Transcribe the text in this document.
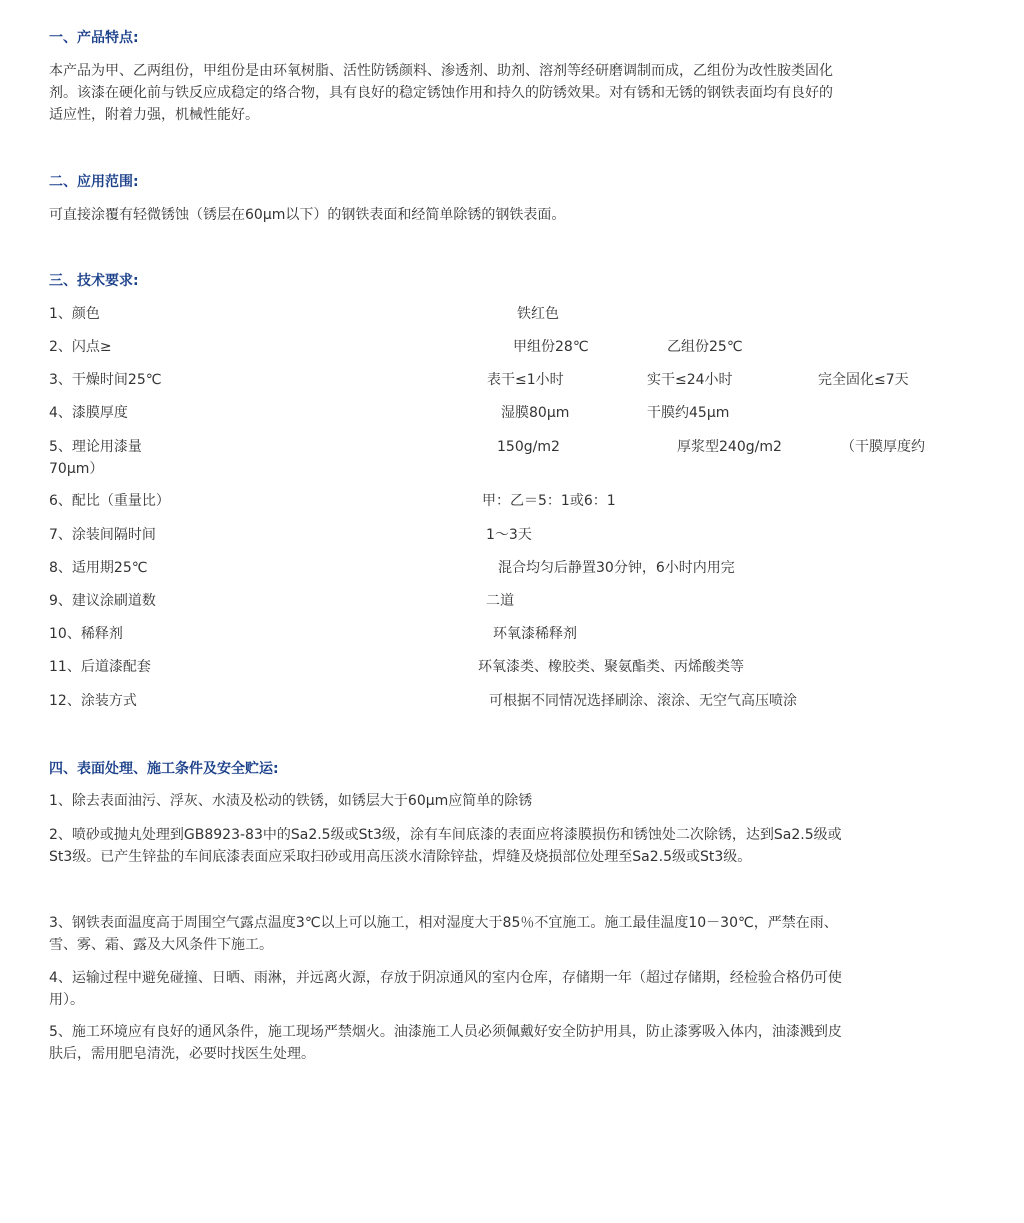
一、产品特点:
本产品为甲、乙两组份，甲组份是由环氧树脂、活性防锈颜料、渗透剂、助剂、溶剂等经研磨调制而成，乙组份为改性胺类固化
剂。该漆在硬化前与铁反应成稳定的络合物，具有良好的稳定锈蚀作用和持久的防锈效果。对有锈和无锈的钢铁表面均有良好的
适应性，附着力强，机械性能好。
二、应用范围:
可直接涂覆有轻微锈蚀（锈层在60μm以下）的钢铁表面和经简单除锈的钢铁表面。
三、技术要求:
1、颜色	铁红色
2、闪点≥	甲组份28℃	乙组份25℃
3、干燥时间25℃	表干≤1小时	实干≤24小时	完全固化≤7天
4、漆膜厚度	湿膜80μm	干膜约45μm
5、理论用漆量	150g/m2	厚浆型240g/m2	（干膜厚度约
70μm）
6、配比（重量比）	甲：乙＝5：1或6：1
7、涂装间隔时间	1～3天
8、适用期25℃	混合均匀后静置30分钟，6小时内用完
9、建议涂刷道数	二道
10、稀释剂	环氧漆稀释剂
11、后道漆配套	环氧漆类、橡胶类、聚氨酯类、丙烯酸类等
12、涂装方式	可根据不同情况选择刷涂、滚涂、无空气高压喷涂
四、表面处理、施工条件及安全贮运:
1、除去表面油污、浮灰、水渍及松动的铁锈，如锈层大于60μm应简单的除锈
2、喷砂或抛丸处理到GB8923-83中的Sa2.5级或St3级，涂有车间底漆的表面应将漆膜损伤和锈蚀处二次除锈，达到Sa2.5级或
St3级。已产生锌盐的车间底漆表面应采取扫砂或用高压淡水清除锌盐，焊缝及烧损部位处理至Sa2.5级或St3级。
3、钢铁表面温度高于周围空气露点温度3℃以上可以施工，相对湿度大于85％不宜施工。施工最佳温度10－30℃，严禁在雨、
雪、雾、霜、露及大风条件下施工。
4、运输过程中避免碰撞、日晒、雨淋，并远离火源，存放于阴凉通风的室内仓库，存储期一年（超过存储期，经检验合格仍可使
用）。
5、施工环境应有良好的通风条件，施工现场严禁烟火。油漆施工人员必须佩戴好安全防护用具，防止漆雾吸入体内，油漆溅到皮
肤后，需用肥皂清洗，必要时找医生处理。
